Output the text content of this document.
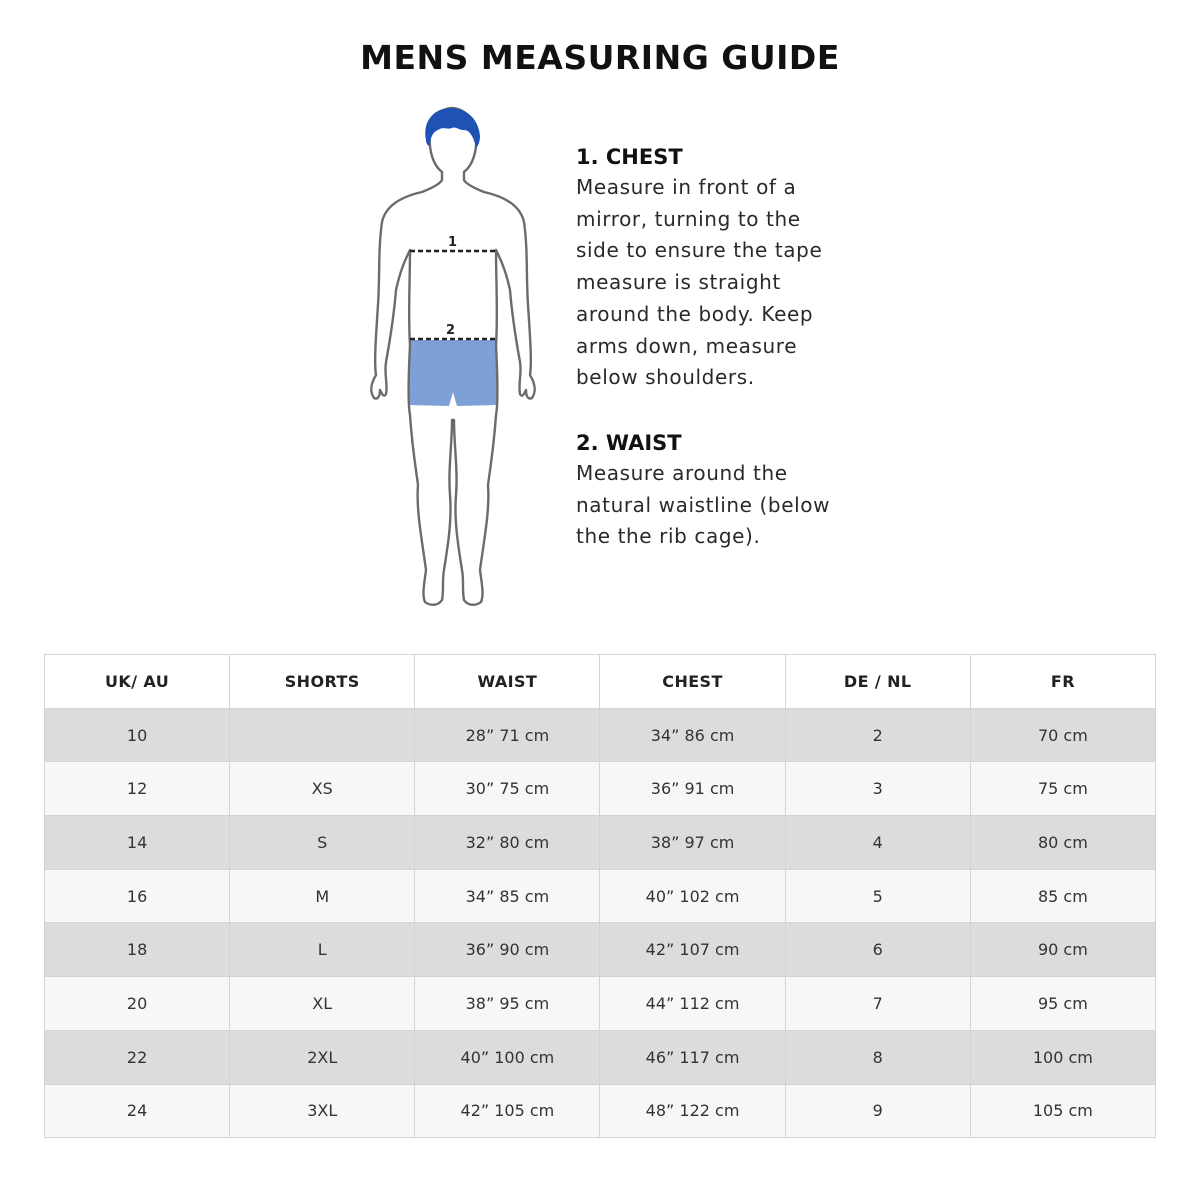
MENS MEASURING GUIDE
1
2
1. CHEST
Measure in front of a
mirror, turning to the
side to ensure the tape
measure is straight
around the body. Keep
arms down, measure
below shoulders.
2. WAIST
Measure around the
natural waistline (below
the the rib cage).
UK/ AU	SHORTS	WAIST	CHEST	DE / NL	FR
10		28” 71 cm	34” 86 cm	2	70 cm
12	XS	30” 75 cm	36” 91 cm	3	75 cm
14	S	32” 80 cm	38” 97 cm	4	80 cm
16	M	34” 85 cm	40” 102 cm	5	85 cm
18	L	36” 90 cm	42” 107 cm	6	90 cm
20	XL	38” 95 cm	44” 112 cm	7	95 cm
22	2XL	40” 100 cm	46” 117 cm	8	100 cm
24	3XL	42” 105 cm	48” 122 cm	9	105 cm
